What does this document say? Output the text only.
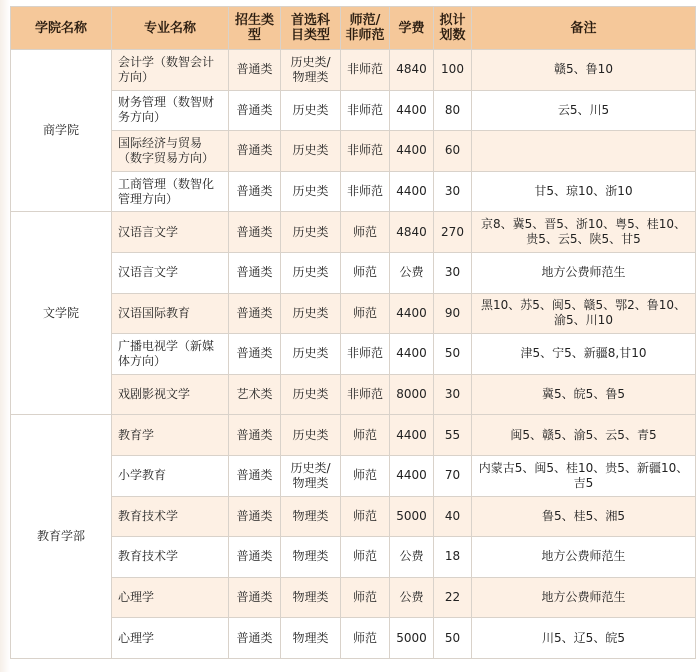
学院名称	专业名称	招生类型	首选科目类型	师范/非师范	学费	拟计划数	备注
商学院	会计学（数智会计方向）	普通类	历史类/物理类	非师范	4840	100	赣5、鲁10
	财务管理（数智财务方向）	普通类	历史类	非师范	4400	80	云5、川5
	国际经济与贸易（数字贸易方向）	普通类	历史类	非师范	4400	60	
	工商管理（数智化管理方向）	普通类	历史类	非师范	4400	30	甘5、琼10、浙10
文学院	汉语言文学	普通类	历史类	师范	4840	270	京8、冀5、晋5、浙10、粤5、桂10、贵5、云5、陕5、甘5
	汉语言文学	普通类	历史类	师范	公费	30	地方公费师范生
	汉语国际教育	普通类	历史类	师范	4400	90	黑10、苏5、闽5、赣5、鄂2、鲁10、渝5、川10
	广播电视学（新媒体方向）	普通类	历史类	非师范	4400	50	津5、宁5、新疆8,甘10
	戏剧影视文学	艺术类	历史类	非师范	8000	30	冀5、皖5、鲁5
教育学部	教育学	普通类	历史类	师范	4400	55	闽5、赣5、渝5、云5、青5
	小学教育	普通类	历史类/物理类	师范	4400	70	内蒙古5、闽5、桂10、贵5、新疆10、吉5
	教育技术学	普通类	物理类	师范	5000	40	鲁5、桂5、湘5
	教育技术学	普通类	物理类	师范	公费	18	地方公费师范生
	心理学	普通类	物理类	师范	公费	22	地方公费师范生
	心理学	普通类	物理类	师范	5000	50	川5、辽5、皖5
